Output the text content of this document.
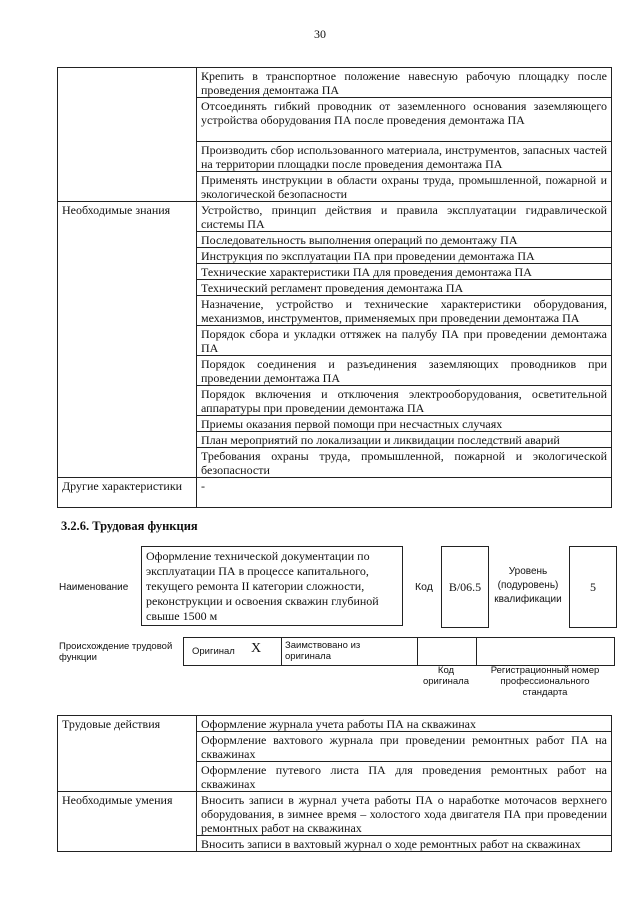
30
	Крепить в транспортное положение навесную рабочую площадку после проведения демонтажа ПА
	Отсоединять гибкий проводник от заземленного основания заземляющего устройства оборудования ПА после проведения демонтажа ПА
	Производить сбор использованного материала, инструментов, запасных частей на территории площадки после проведения демонтажа ПА
	Применять инструкции в области охраны труда, промышленной, пожарной и экологической безопасности
Необходимые знания	Устройство, принцип действия и правила эксплуатации гидравлической системы ПА
	Последовательность выполнения операций по демонтажу ПА
	Инструкция по эксплуатации ПА при проведении демонтажа ПА
	Технические характеристики ПА для проведения демонтажа ПА
	Технический регламент проведения демонтажа ПА
	Назначение, устройство и технические характеристики оборудования, механизмов, инструментов, применяемых при проведении демонтажа ПА
	Порядок сбора и укладки оттяжек на палубу ПА при проведении демонтажа ПА
	Порядок соединения и разъединения заземляющих проводников при проведении демонтажа ПА
	Порядок включения и отключения электрооборудования, осветительной аппаратуры при проведении демонтажа ПА
	Приемы оказания первой помощи при несчастных случаях
	План мероприятий по локализации и ликвидации последствий аварий
	Требования охраны труда, промышленной, пожарной и экологической безопасности
Другие характеристики	-
3.2.6. Трудовая функция
Наименование
Оформление технической документации по эксплуатации ПА в процессе капитального, текущего ремонта II категории сложности, реконструкции и освоения скважин глубиной свыше 1500 м
Код	B/06.5
Уровень (подуровень) квалификации
5
Происхождение трудовой функции
Оригинал X	Заимствовано из оригинала
Код оригинала
Регистрационный номер профессионального стандарта
Трудовые действия	Оформление журнала учета работы ПА на скважинах
	Оформление вахтового журнала при проведении ремонтных работ ПА на скважинах
	Оформление путевого листа ПА для проведения ремонтных работ на скважинах
Необходимые умения	Вносить записи в журнал учета работы ПА о наработке моточасов верхнего оборудования, в зимнее время – холостого хода двигателя ПА при проведении ремонтных работ на скважинах
	Вносить записи в вахтовый журнал о ходе ремонтных работ на скважинах
